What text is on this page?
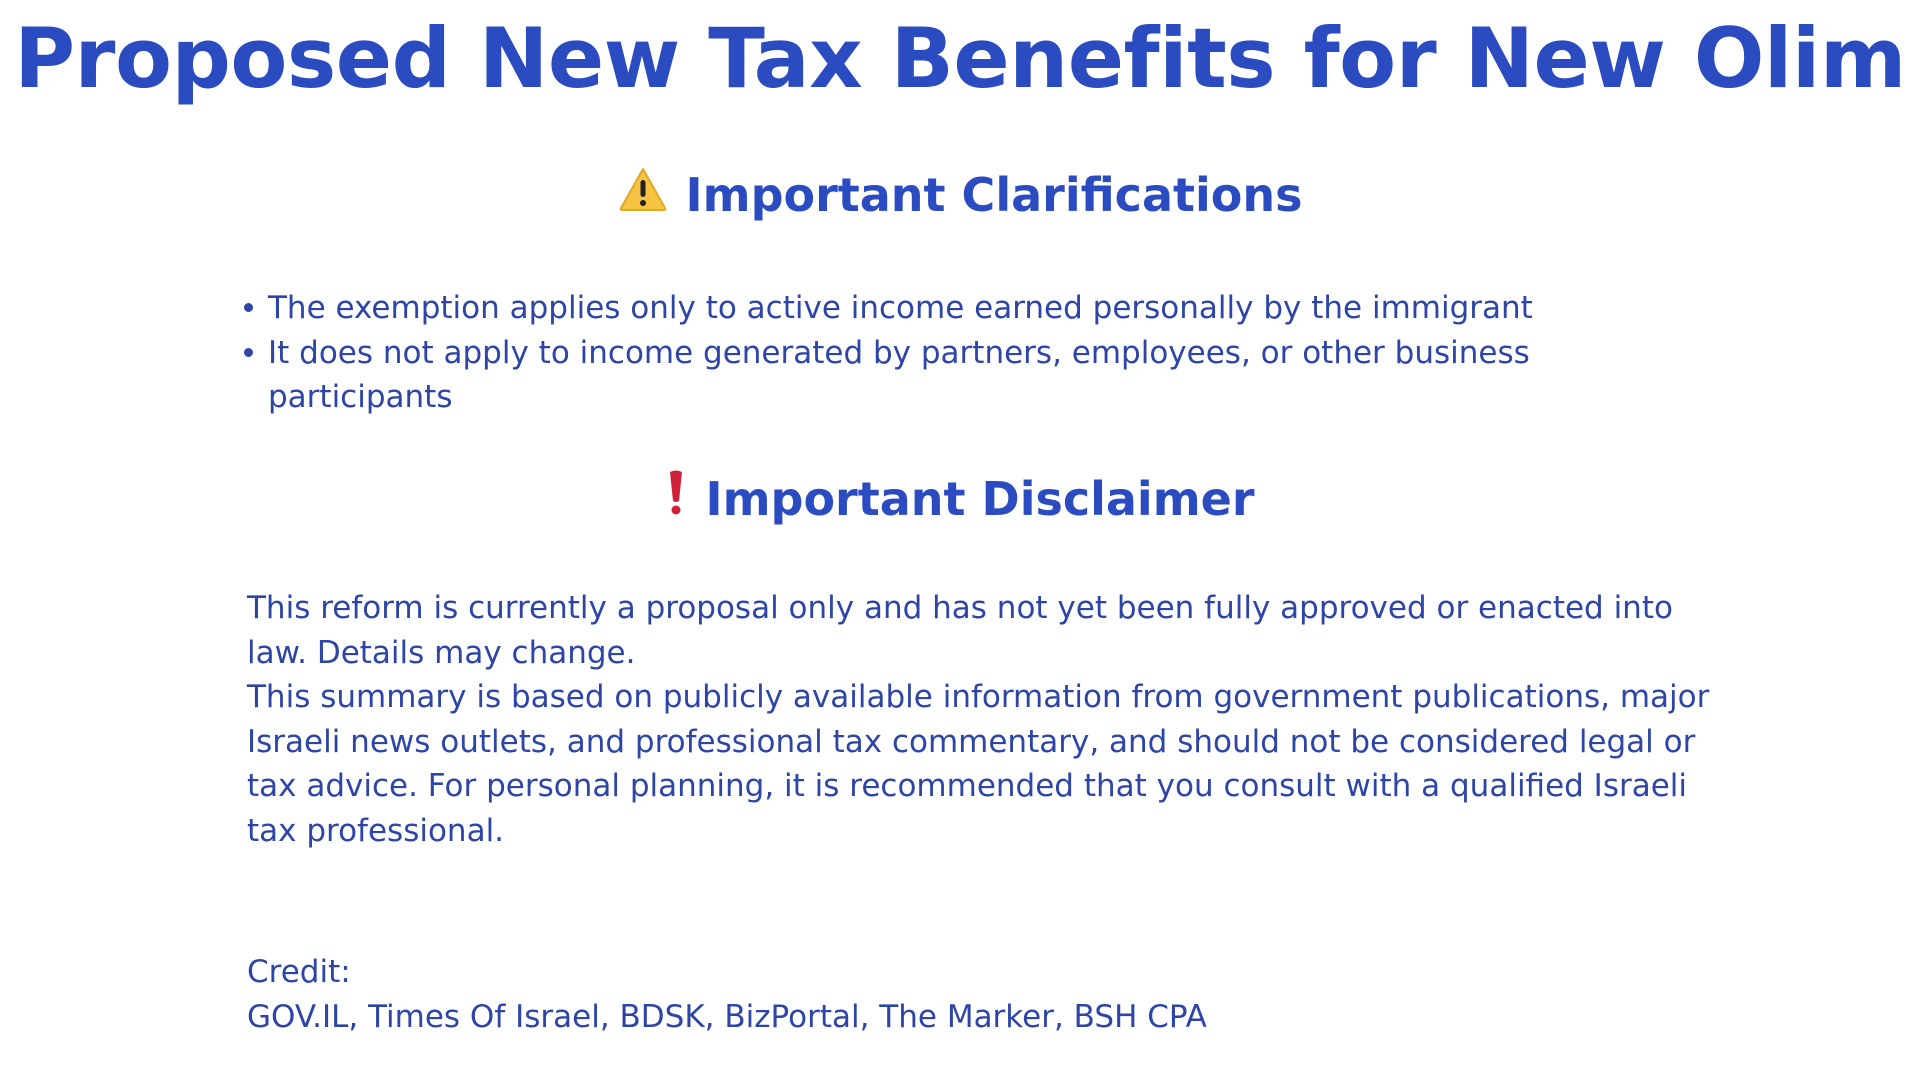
Proposed New Tax Benefits for New Olim
Important Clarifications
The exemption applies only to active income earned personally by the immigrant
It does not apply to income generated by partners, employees, or other business participants
Important Disclaimer

This reform is currently a proposal only and has not yet been fully approved or enacted into law. Details may change.

This summary is based on publicly available information from government publications, major Israeli news outlets, and professional tax commentary, and should not be considered legal or tax advice. For personal planning, it is recommended that you consult with a qualified Israeli tax professional.

Credit:

GOV.IL, Times Of Israel, BDSK, BizPortal, The Marker, BSH CPA
